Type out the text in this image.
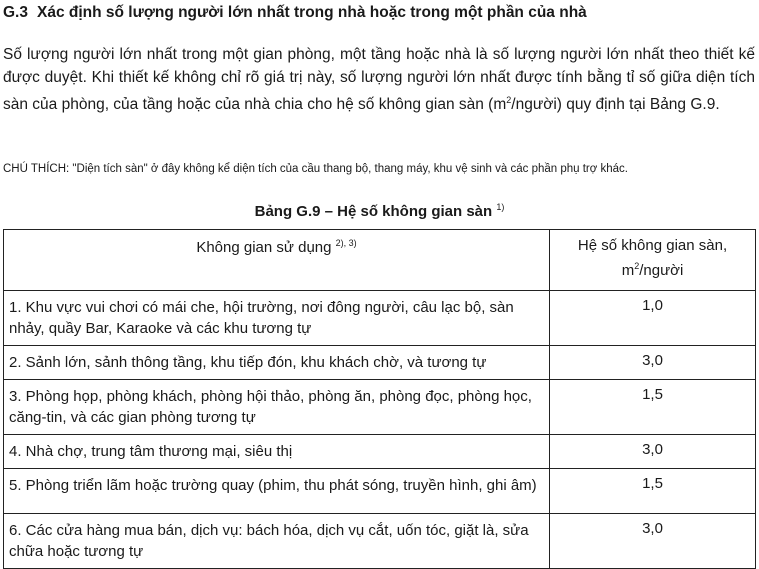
G.3 Xác định số lượng người lớn nhất trong nhà hoặc trong một phần của nhà
Số lượng người lớn nhất trong một gian phòng, một tầng hoặc nhà là số lượng người lớn nhất theo thiết kế được duyệt. Khi thiết kế không chỉ rõ giá trị này, số lượng người lớn nhất được tính bằng tỉ số giữa diện tích sàn của phòng, của tầng hoặc của nhà chia cho hệ số không gian sàn $(m^2/người)$ quy định tại Bảng G.9.
CHÚ THÍCH: "Diện tích sàn" ở đây không kể diện tích của cầu thang bộ, thang máy, khu vệ sinh và các phần phụ trợ khác.
Bảng G.9 – Hệ số không gian sàn $^{1)}$
Không gian sử dụng $^{2), 3)}$	Hệ số không gian sàn,
$m^2$/người
1. Khu vực vui chơi có mái che, hội trường, nơi đông người, câu lạc bộ, sàn nhảy, quầy Bar, Karaoke và các khu tương tự	1,0
2. Sảnh lớn, sảnh thông tầng, khu tiếp đón, khu khách chờ, và tương tự	3,0
3. Phòng họp, phòng khách, phòng hội thảo, phòng ăn, phòng đọc, phòng học, căng-tin, và các gian phòng tương tự	1,5
4. Nhà chợ, trung tâm thương mại, siêu thị	3,0
5. Phòng triển lãm hoặc trường quay (phim, thu phát sóng, truyền hình, ghi âm)	1,5
6. Các cửa hàng mua bán, dịch vụ: bách hóa, dịch vụ cắt, uốn tóc, giặt là, sửa chữa hoặc tương tự	3,0
